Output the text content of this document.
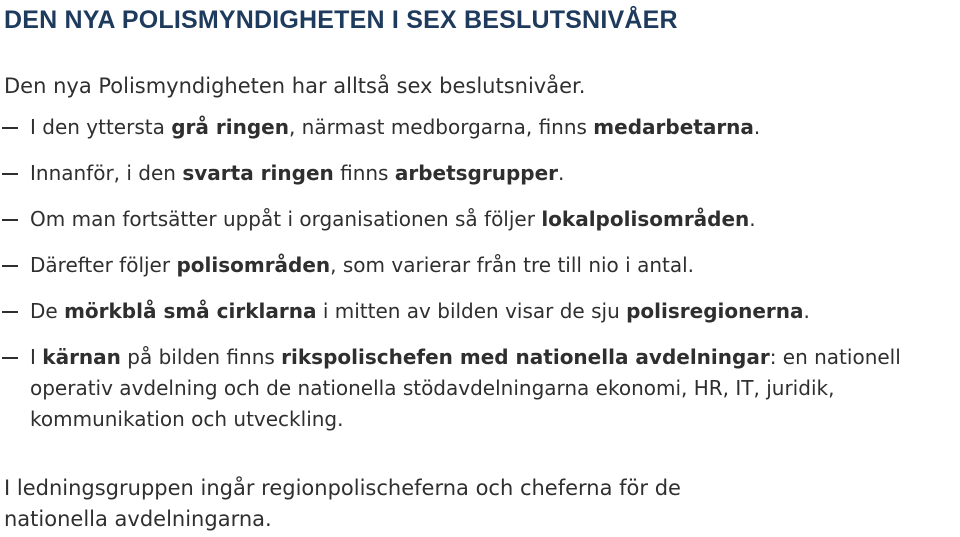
DEN NYA POLISMYNDIGHETEN I SEX BESLUTSNIVÅER

Den nya Polismyndigheten har alltså sex beslutsnivåer.

I den yttersta grå ringen, närmast medborgarna, finns medarbetarna.
Innanför, i den svarta ringen finns arbetsgrupper.
Om man fortsätter uppåt i organisationen så följer lokalpolisområden.
Därefter följer polisområden, som varierar från tre till nio i antal.
De mörkblå små cirklarna i mitten av bilden visar de sju polisregionerna.
I kärnan på bilden finns rikspolischefen med nationella avdelningar: en nationell
operativ avdelning och de nationella stödavdelningarna ekonomi, HR, IT, juridik,
kommunikation och utveckling.

I ledningsgruppen ingår regionpolischeferna och cheferna för de
nationella avdelningarna.
